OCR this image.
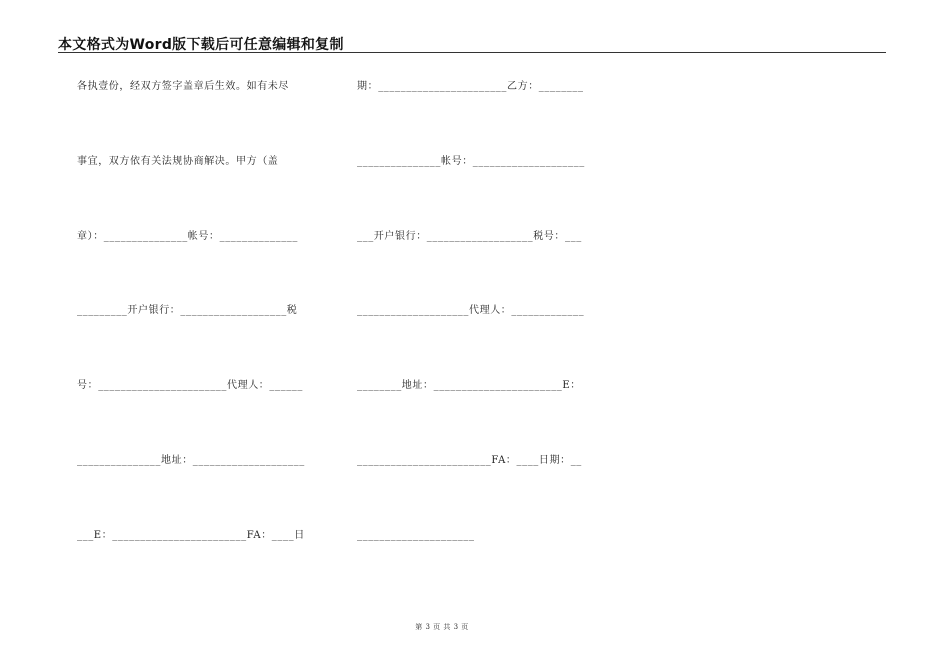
本文格式为Word版下载后可任意编辑和复制
各执壹份，经双方签字盖章后生效。如有未尽
事宜，双方依有关法规协商解决。甲方（盖
章）：_______________帐号：______________
_________开户银行：___________________税
号：_______________________代理人：______
_______________地址：____________________
___E：________________________FA：____日
期：_______________________乙方：________
_______________帐号：____________________
___开户银行：___________________税号：___
____________________代理人：_____________
________地址：_______________________E：
________________________FA：____日期：__
_____________________
第 3 页 共 3 页
